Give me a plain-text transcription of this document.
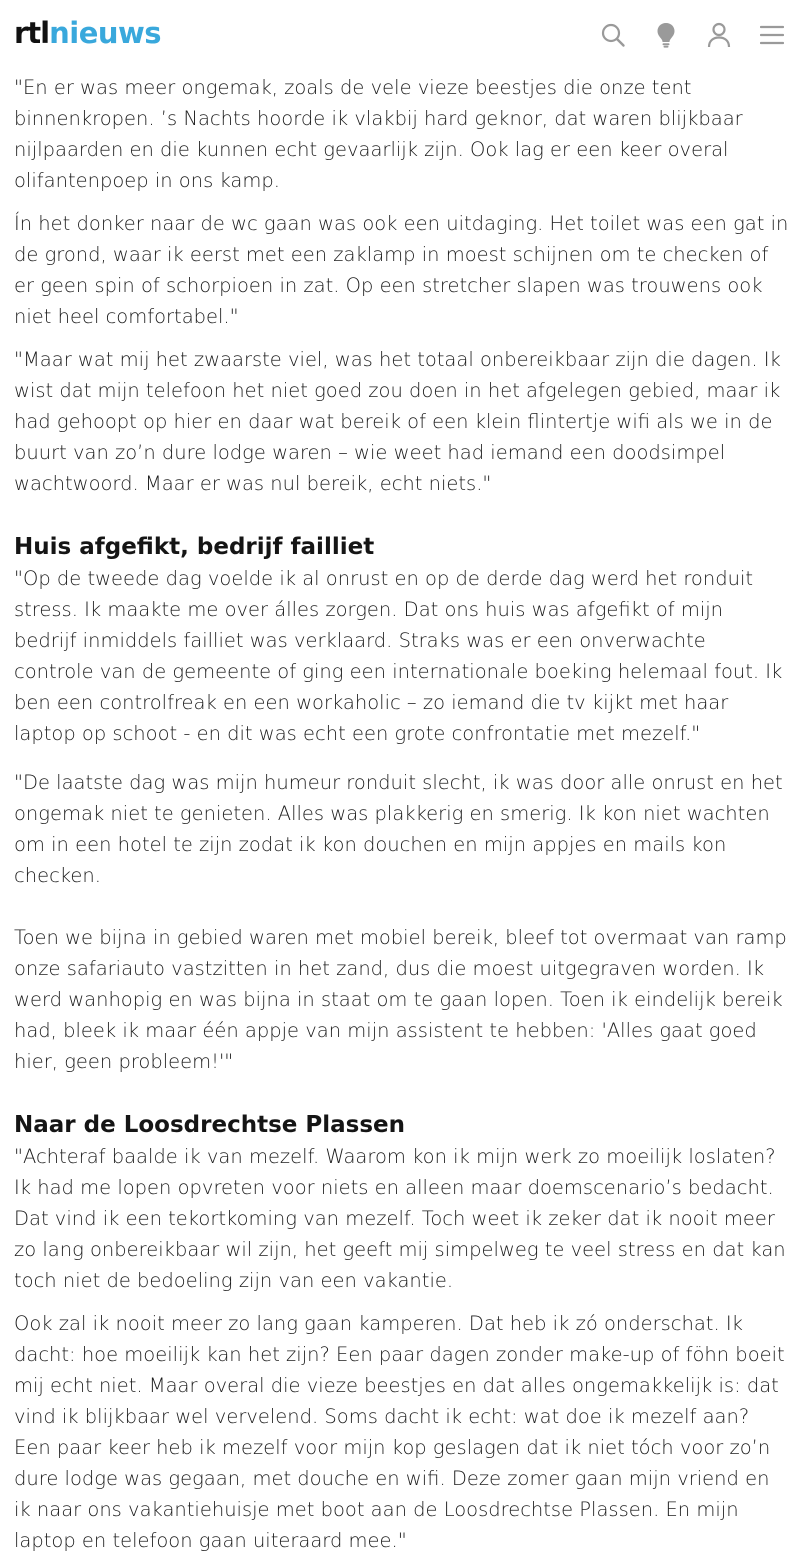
rtlnieuws

"En er was meer ongemak, zoals de vele vieze beestjes die onze tent binnenkropen. ’s Nachts hoorde ik vlakbij hard geknor, dat waren blijkbaar nijlpaarden en die kunnen echt gevaarlijk zijn. Ook lag er een keer overal olifantenpoep in ons kamp.

Ín het donker naar de wc gaan was ook een uitdaging. Het toilet was een gat in de grond, waar ik eerst met een zaklamp in moest schijnen om te checken of er geen spin of schorpioen in zat. Op een stretcher slapen was trouwens ook niet heel comfortabel."

"Maar wat mij het zwaarste viel, was het totaal onbereikbaar zijn die dagen. Ik wist dat mijn telefoon het niet goed zou doen in het afgelegen gebied, maar ik had gehoopt op hier en daar wat bereik of een klein flintertje wifi als we in de buurt van zo’n dure lodge waren – wie weet had iemand een doodsimpel wachtwoord. Maar er was nul bereik, echt niets."

Huis afgefikt, bedrijf failliet

"Op de tweede dag voelde ik al onrust en op de derde dag werd het ronduit stress. Ik maakte me over álles zorgen. Dat ons huis was afgefikt of mijn bedrijf inmiddels failliet was verklaard. Straks was er een onverwachte controle van de gemeente of ging een internationale boeking helemaal fout. Ik ben een controlfreak en een workaholic – zo iemand die tv kijkt met haar laptop op schoot - en dit was echt een grote confrontatie met mezelf."

"De laatste dag was mijn humeur ronduit slecht, ik was door alle onrust en het ongemak niet te genieten. Alles was plakkerig en smerig. Ik kon niet wachten om in een hotel te zijn zodat ik kon douchen en mijn appjes en mails kon checken.

Toen we bijna in gebied waren met mobiel bereik, bleef tot overmaat van ramp onze safariauto vastzitten in het zand, dus die moest uitgegraven worden. Ik werd wanhopig en was bijna in staat om te gaan lopen. Toen ik eindelijk bereik had, bleek ik maar één appje van mijn assistent te hebben: 'Alles gaat goed hier, geen probleem!'"

Naar de Loosdrechtse Plassen

"Achteraf baalde ik van mezelf. Waarom kon ik mijn werk zo moeilijk loslaten? Ik had me lopen opvreten voor niets en alleen maar doemscenario’s bedacht. Dat vind ik een tekortkoming van mezelf. Toch weet ik zeker dat ik nooit meer zo lang onbereikbaar wil zijn, het geeft mij simpelweg te veel stress en dat kan toch niet de bedoeling zijn van een vakantie.

Ook zal ik nooit meer zo lang gaan kamperen. Dat heb ik zó onderschat. Ik dacht: hoe moeilijk kan het zijn? Een paar dagen zonder make-up of föhn boeit mij echt niet. Maar overal die vieze beestjes en dat alles ongemakkelijk is: dat vind ik blijkbaar wel vervelend. Soms dacht ik echt: wat doe ik mezelf aan? Een paar keer heb ik mezelf voor mijn kop geslagen dat ik niet tóch voor zo’n dure lodge was gegaan, met douche en wifi. Deze zomer gaan mijn vriend en ik naar ons vakantiehuisje met boot aan de Loosdrechtse Plassen. En mijn laptop en telefoon gaan uiteraard mee."
